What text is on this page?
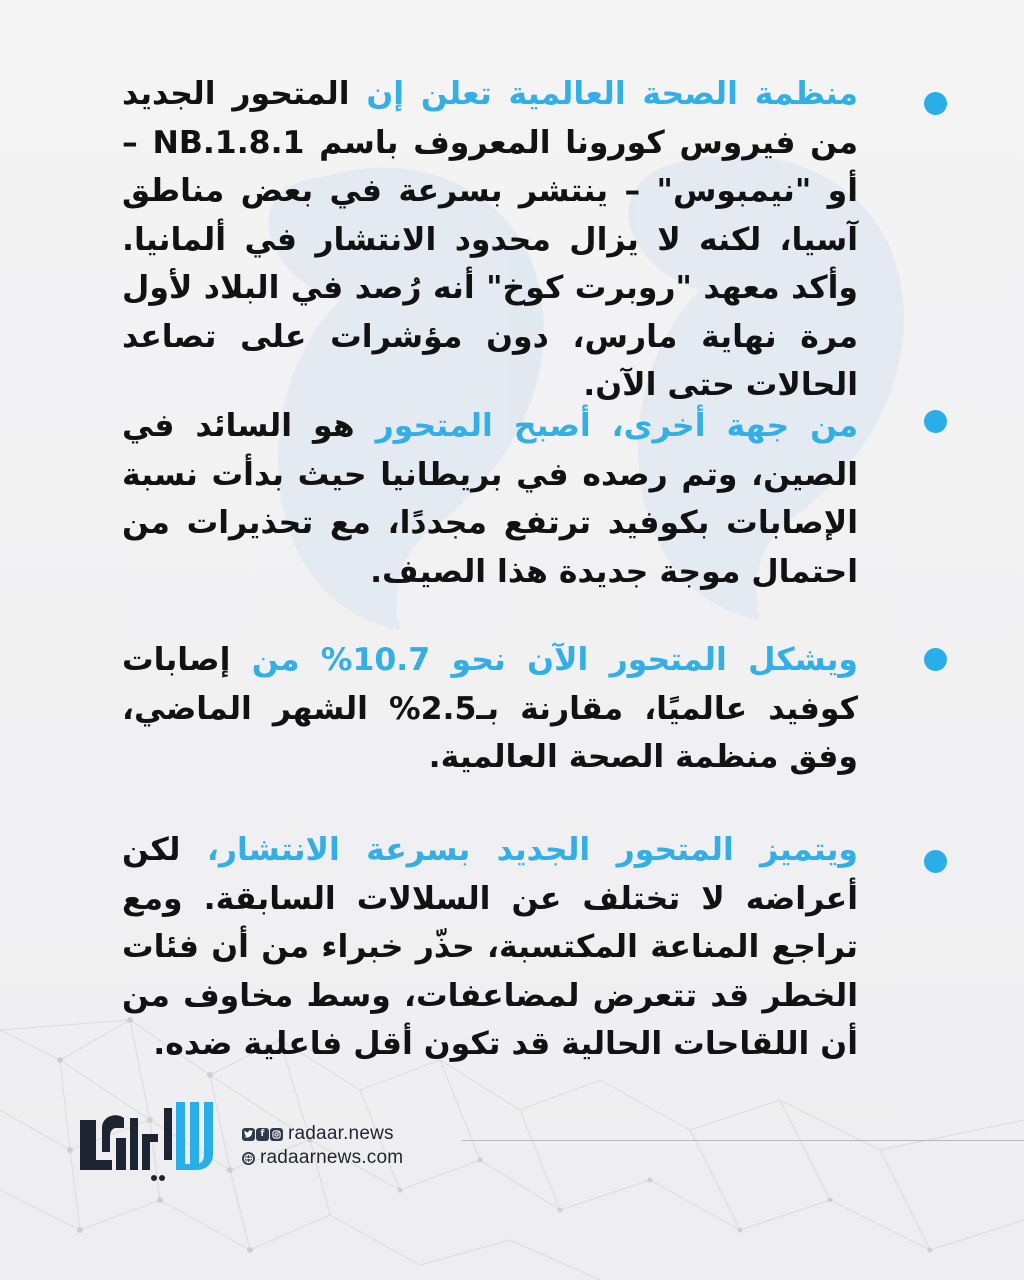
منظمة الصحة العالمية تعلن إن المتحور الجديد من فيروس كورونا المعروف باسم NB.1.8.1 – أو "نيمبوس" – ينتشر بسرعة في بعض مناطق آسيا، لكنه لا يزال محدود الانتشار في ألمانيا. وأكد معهد "روبرت كوخ" أنه رُصد في البلاد لأول مرة نهاية مارس، دون مؤشرات على تصاعد الحالات حتى الآن.

من جهة أخرى، أصبح المتحور هو السائد في الصين، وتم رصده في بريطانيا حيث بدأت نسبة الإصابات بكوفيد ترتفع مجددًا، مع تحذيرات من احتمال موجة جديدة هذا الصيف.

ويشكل المتحور الآن نحو 10.7% من إصابات كوفيد عالميًا، مقارنة بـ2.5% الشهر الماضي، وفق منظمة الصحة العالمية.

ويتميز المتحور الجديد بسرعة الانتشار، لكن أعراضه لا تختلف عن السلالات السابقة. ومع تراجع المناعة المكتسبة، حذّر خبراء من أن فئات الخطر قد تتعرض لمضاعفات، وسط مخاوف من أن اللقاحات الحالية قد تكون أقل فاعلية ضده.

f radaar.news
radaarnews.com
